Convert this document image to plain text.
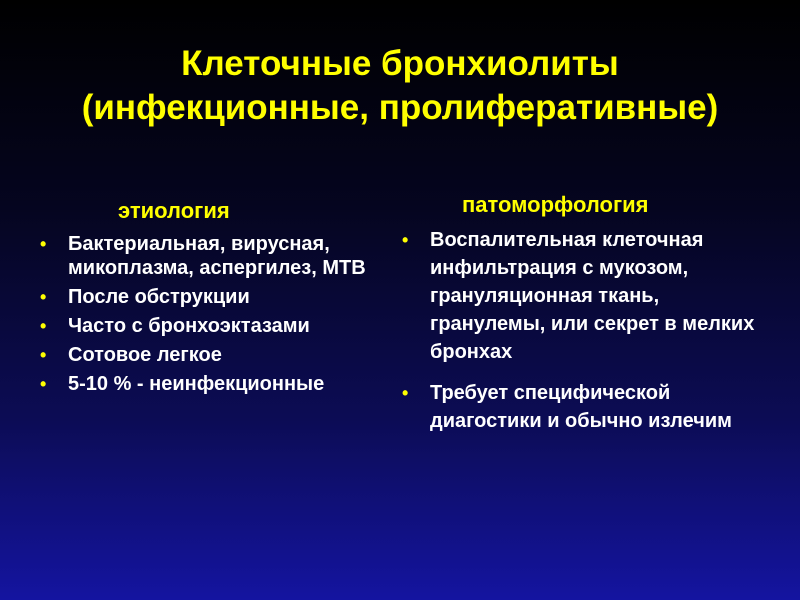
Клеточные бронхиолиты
(инфекционные, пролиферативные)
этиология
• Бактериальная, вирусная, микоплазма, аспергилез, МТВ
• После обструкции
• Часто с бронхоэктазами
• Сотовое легкое
• 5-10 % - неинфекционные
патоморфология
• Воспалительная клеточная инфильтрация с мукозом, грануляционная ткань, гранулемы, или секрет в мелких бронхах
• Требует специфической диагостики и обычно излечим
